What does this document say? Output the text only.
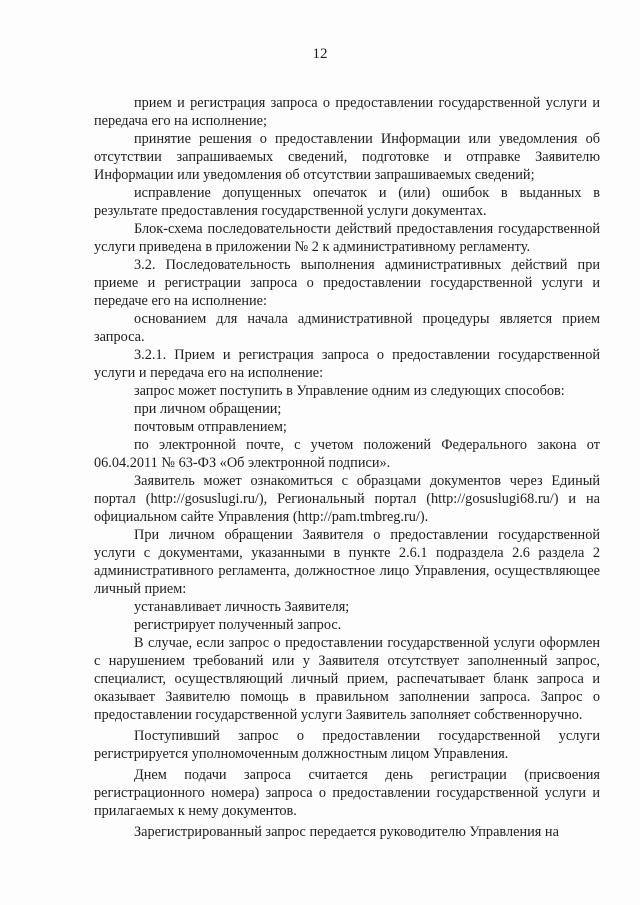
12

прием и регистрация запроса о предоставлении государственной услуги и передача его на исполнение;

принятие решения о предоставлении Информации или уведомления об отсутствии запрашиваемых сведений, подготовке и отправке Заявителю Информации или уведомления об отсутствии запрашиваемых сведений;

исправление допущенных опечаток и (или) ошибок в выданных в результате предоставления государственной услуги документах.

Блок-схема последовательности действий предоставления государственной услуги приведена в приложении № 2 к административному регламенту.

3.2. Последовательность выполнения административных действий при приеме и регистрации запроса о предоставлении государственной услуги и передаче его на исполнение:

основанием для начала административной процедуры является прием запроса.

3.2.1. Прием и регистрация запроса о предоставлении государственной услуги и передача его на исполнение:

запрос может поступить в Управление одним из следующих способов:

при личном обращении;

почтовым отправлением;

по электронной почте, с учетом положений Федерального закона от 06.04.2011 № 63-ФЗ «Об электронной подписи».

Заявитель может ознакомиться с образцами документов через Единый портал (http://gosuslugi.ru/), Региональный портал (http://gosuslugi68.ru/) и на официальном сайте Управления (http://pam.tmbreg.ru/).

При личном обращении Заявителя о предоставлении государственной услуги с документами, указанными в пункте 2.6.1 подраздела 2.6 раздела 2 административного регламента, должностное лицо Управления, осуществляющее личный прием:

устанавливает личность Заявителя;

регистрирует полученный запрос.

В случае, если запрос о предоставлении государственной услуги оформлен с нарушением требований или у Заявителя отсутствует заполненный запрос, специалист, осуществляющий личный прием, распечатывает бланк запроса и оказывает Заявителю помощь в правильном заполнении запроса. Запрос о предоставлении государственной услуги Заявитель заполняет собственноручно.

Поступивший запрос о предоставлении государственной услуги регистрируется уполномоченным должностным лицом Управления.

Днем подачи запроса считается день регистрации (присвоения регистрационного номера) запроса о предоставлении государственной услуги и прилагаемых к нему документов.

Зарегистрированный запрос передается руководителю Управления на
